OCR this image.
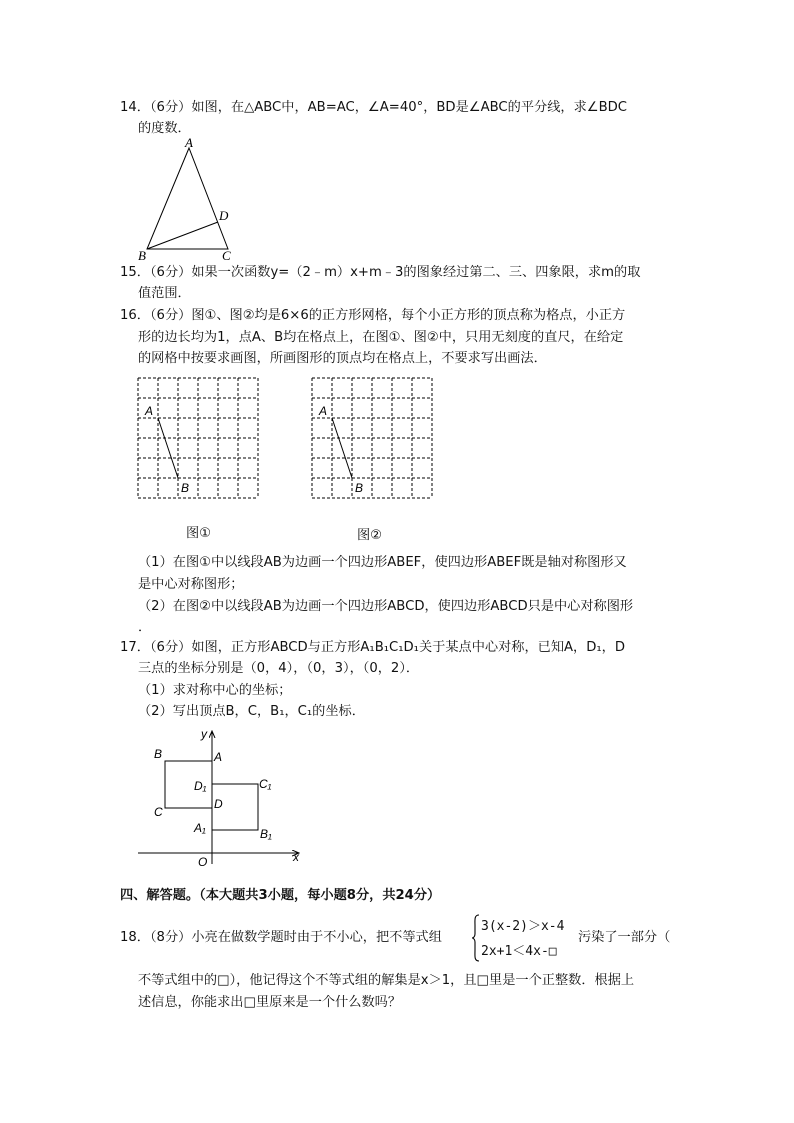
14．（6分）如图，在△ABC中，AB=AC，∠A=40°，BD是∠ABC的平分线，求∠BDC
的度数．
A
B	C
D
15．（6分）如果一次函数y=（2﹣m）x+m﹣3的图象经过第二、三、四象限，求m的取
值范围．
16．（6分）图①、图②均是6×6的正方形网格，每个小正方形的顶点称为格点，小正方
形的边长均为1，点A、B均在格点上，在图①、图②中，只用无刻度的直尺，在给定
的网格中按要求画图，所画图形的顶点均在格点上，不要求写出画法．
A
B
A
B
图①	图②
（1）在图①中以线段AB为边画一个四边形ABEF，使四边形ABEF既是轴对称图形又
是中心对称图形；
（2）在图②中以线段AB为边画一个四边形ABCD，使四边形ABCD只是中心对称图形
．
17．（6分）如图，正方形ABCD与正方形A₁B₁C₁D₁关于某点中心对称，已知A，D₁，D
三点的坐标分别是（0，4），（0，3），（0，2）．
（1）求对称中心的坐标；
（2）写出顶点B，C，B₁，C₁的坐标．
y
x
O
A
B
C
D
D₁	C₁
A₁	B₁
四、解答题。（本大题共3小题，每小题8分，共24分）
18．（8分）小亮在做数学题时由于不小心，把不等式组
3(x-2)＞x-4
2x+1＜4x-□
污染了一部分（
不等式组中的□），他记得这个不等式组的解集是x＞1，且□里是一个正整数．根据上
述信息，你能求出□里原来是一个什么数吗？
